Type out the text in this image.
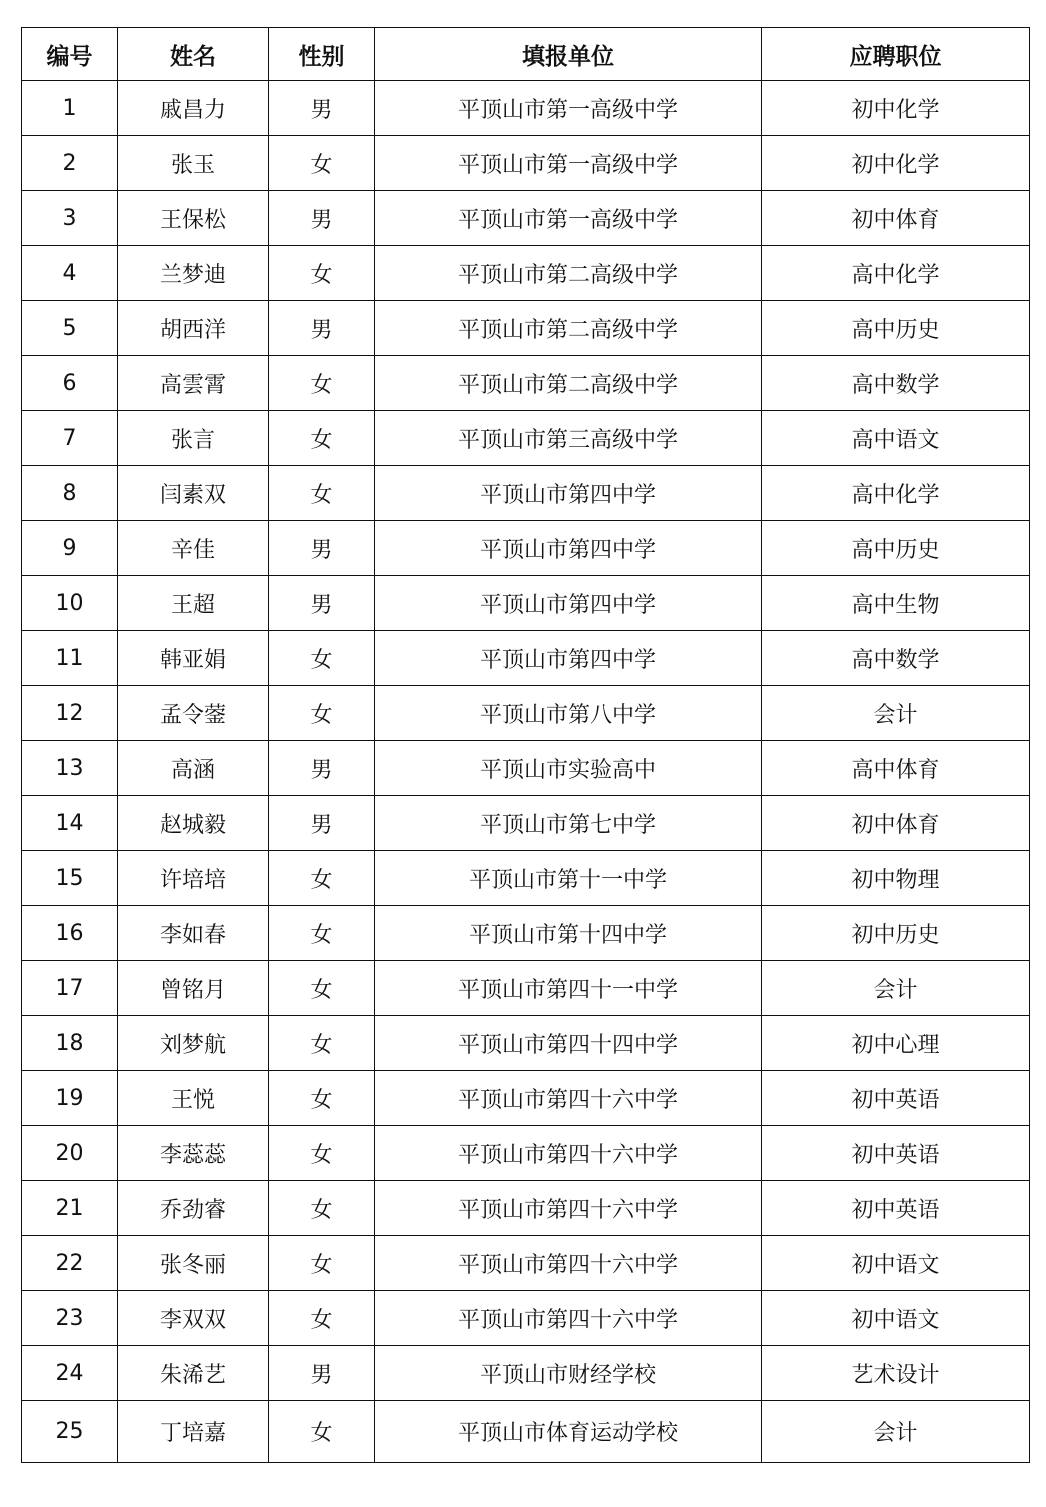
编号	姓名	性别	填报单位	应聘职位
1	戚昌力	男	平顶山市第一高级中学	初中化学
2	张玉	女	平顶山市第一高级中学	初中化学
3	王保松	男	平顶山市第一高级中学	初中体育
4	兰梦迪	女	平顶山市第二高级中学	高中化学
5	胡西洋	男	平顶山市第二高级中学	高中历史
6	高雲霄	女	平顶山市第二高级中学	高中数学
7	张言	女	平顶山市第三高级中学	高中语文
8	闫素双	女	平顶山市第四中学	高中化学
9	辛佳	男	平顶山市第四中学	高中历史
10	王超	男	平顶山市第四中学	高中生物
11	韩亚娟	女	平顶山市第四中学	高中数学
12	孟令蓥	女	平顶山市第八中学	会计
13	高涵	男	平顶山市实验高中	高中体育
14	赵城毅	男	平顶山市第七中学	初中体育
15	许培培	女	平顶山市第十一中学	初中物理
16	李如春	女	平顶山市第十四中学	初中历史
17	曾铭月	女	平顶山市第四十一中学	会计
18	刘梦航	女	平顶山市第四十四中学	初中心理
19	王悦	女	平顶山市第四十六中学	初中英语
20	李蕊蕊	女	平顶山市第四十六中学	初中英语
21	乔劲睿	女	平顶山市第四十六中学	初中英语
22	张冬丽	女	平顶山市第四十六中学	初中语文
23	李双双	女	平顶山市第四十六中学	初中语文
24	朱浠艺	男	平顶山市财经学校	艺术设计
25	丁培嘉	女	平顶山市体育运动学校	会计
